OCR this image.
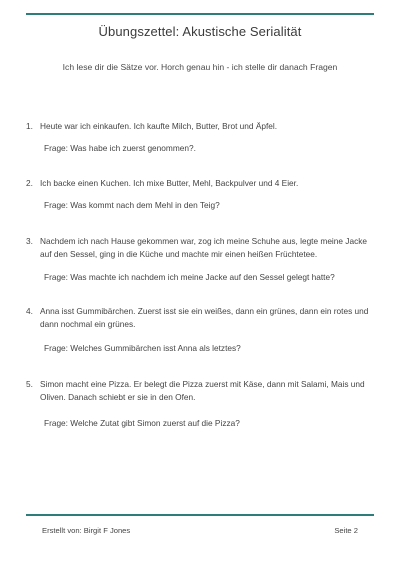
Übungszettel: Akustische Serialität
Ich lese dir die Sätze vor. Horch genau hin - ich stelle dir danach Fragen
1. Heute war ich einkaufen. Ich kaufte Milch, Butter, Brot und Äpfel.
Frage: Was habe ich zuerst genommen?.
2. Ich backe einen Kuchen. Ich mixe Butter, Mehl, Backpulver und 4 Eier.
Frage: Was kommt nach dem Mehl in den Teig?
3. Nachdem ich nach Hause gekommen war, zog ich meine Schuhe aus, legte meine Jacke auf den Sessel, ging in die Küche und machte mir einen heißen Früchtetee.
Frage: Was machte ich nachdem ich meine Jacke auf den Sessel gelegt hatte?
4. Anna isst Gummibärchen. Zuerst isst sie ein weißes, dann ein grünes, dann ein rotes und dann nochmal ein grünes.
Frage: Welches Gummibärchen isst Anna als letztes?
5. Simon macht eine Pizza. Er belegt die Pizza zuerst mit Käse, dann mit Salami, Mais und Oliven. Danach schiebt er sie in den Ofen.
Frage: Welche Zutat gibt Simon zuerst auf die Pizza?
Erstellt von: Birgit F Jones	Seite 2
